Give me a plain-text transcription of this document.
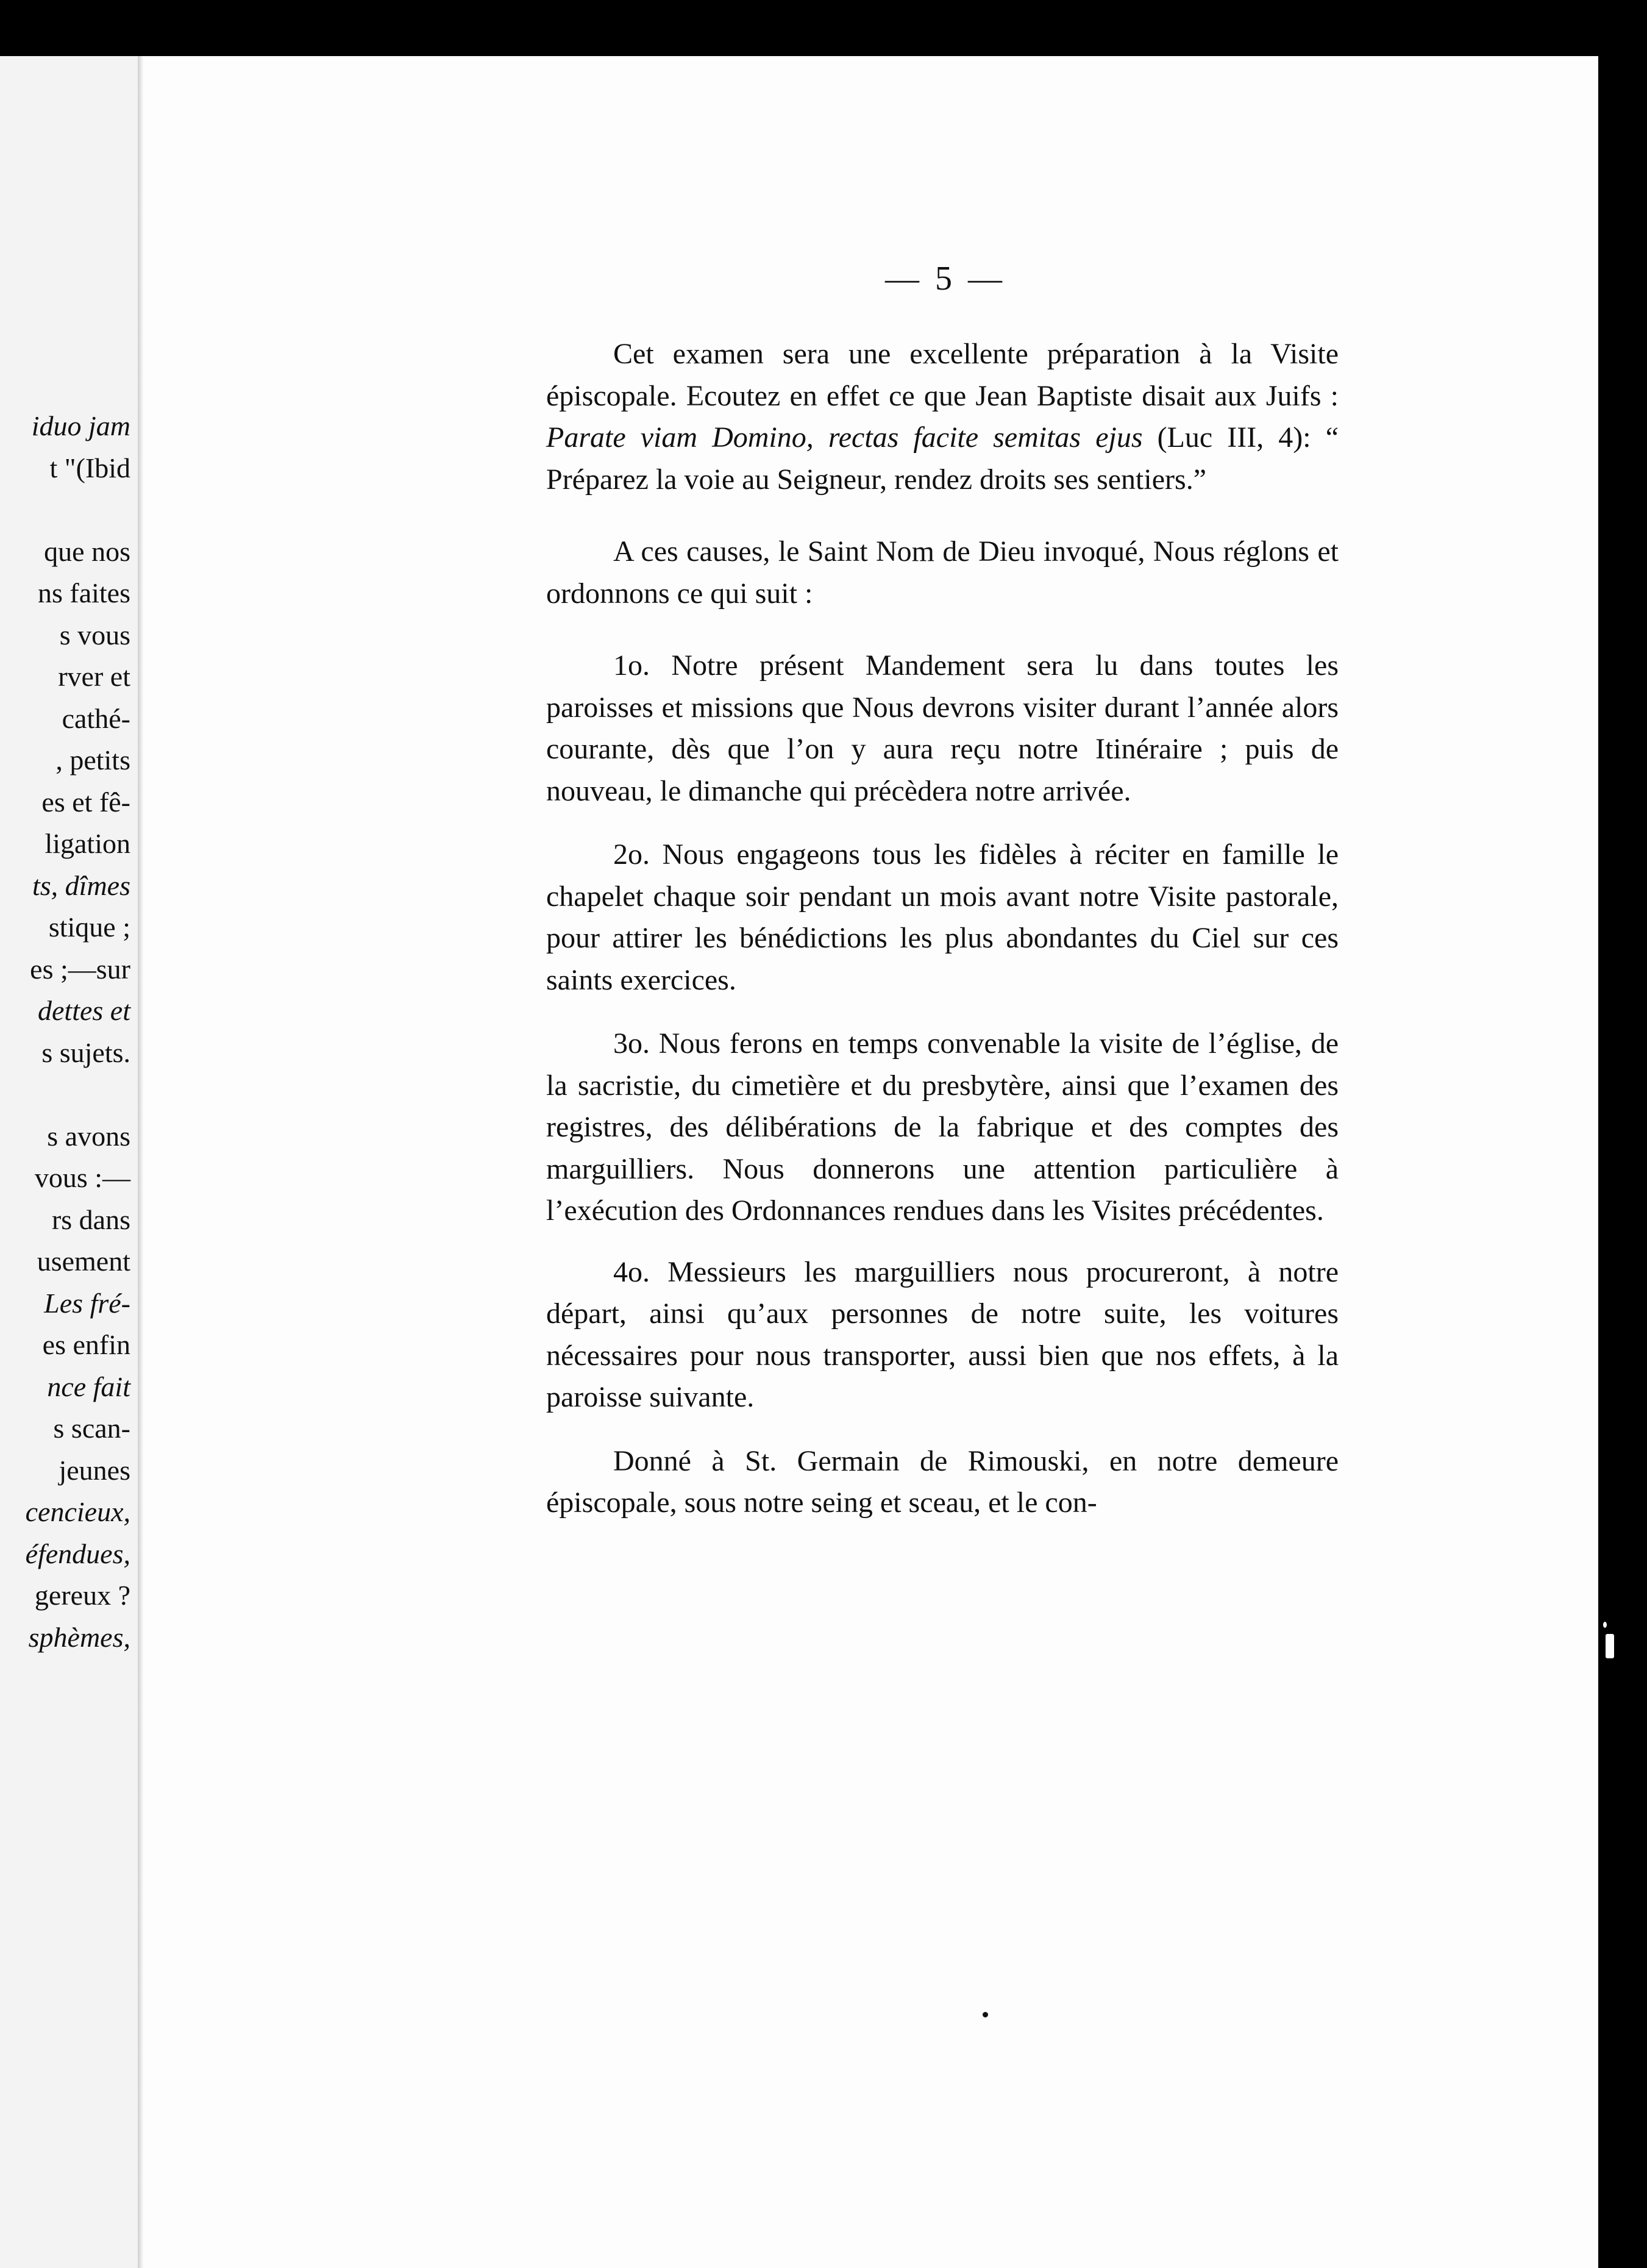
iduo jam
t "(Ibid
que nos
ns faites
s vous
rver et
cathé-
, petits
es et fê-
ligation
ts, dîmes
stique ;
es ;—sur
dettes et
s sujets.
s avons
vous :—
rs dans
usement
Les fré-
es enfin
nce fait
s scan-
jeunes
cencieux,
éfendues,
gereux ?
sphèmes,
— 5 —

Cet examen sera une excellente préparation à la Visite épiscopale. Ecoutez en effet ce que Jean Baptiste disait aux Juifs : Parate viam Domino, rectas facite semitas ejus (Luc III, 4): “ Préparez la voie au Seigneur, rendez droits ses sentiers.”

A ces causes, le Saint Nom de Dieu invoqué, Nous réglons et ordonnons ce qui suit :

1o. Notre présent Mandement sera lu dans toutes les paroisses et missions que Nous devrons visiter durant l’année alors courante, dès que l’on y aura reçu notre Itinéraire ; puis de nouveau, le dimanche qui précèdera notre arrivée.

2o. Nous engageons tous les fidèles à réciter en famille le chapelet chaque soir pendant un mois avant notre Visite pastorale, pour attirer les bénédictions les plus abondantes du Ciel sur ces saints exercices.

3o. Nous ferons en temps convenable la visite de l’église, de la sacristie, du cimetière et du presbytère, ainsi que l’examen des registres, des délibérations de la fabrique et des comptes des marguilliers. Nous donnerons une attention particulière à l’exécution des Ordonnances rendues dans les Visites précédentes.

4o. Messieurs les marguilliers nous procureront, à notre départ, ainsi qu’aux personnes de notre suite, les voitures nécessaires pour nous transporter, aussi bien que nos effets, à la paroisse suivante.

Donné à St. Germain de Rimouski, en notre demeure épiscopale, sous notre seing et sceau, et le con-
